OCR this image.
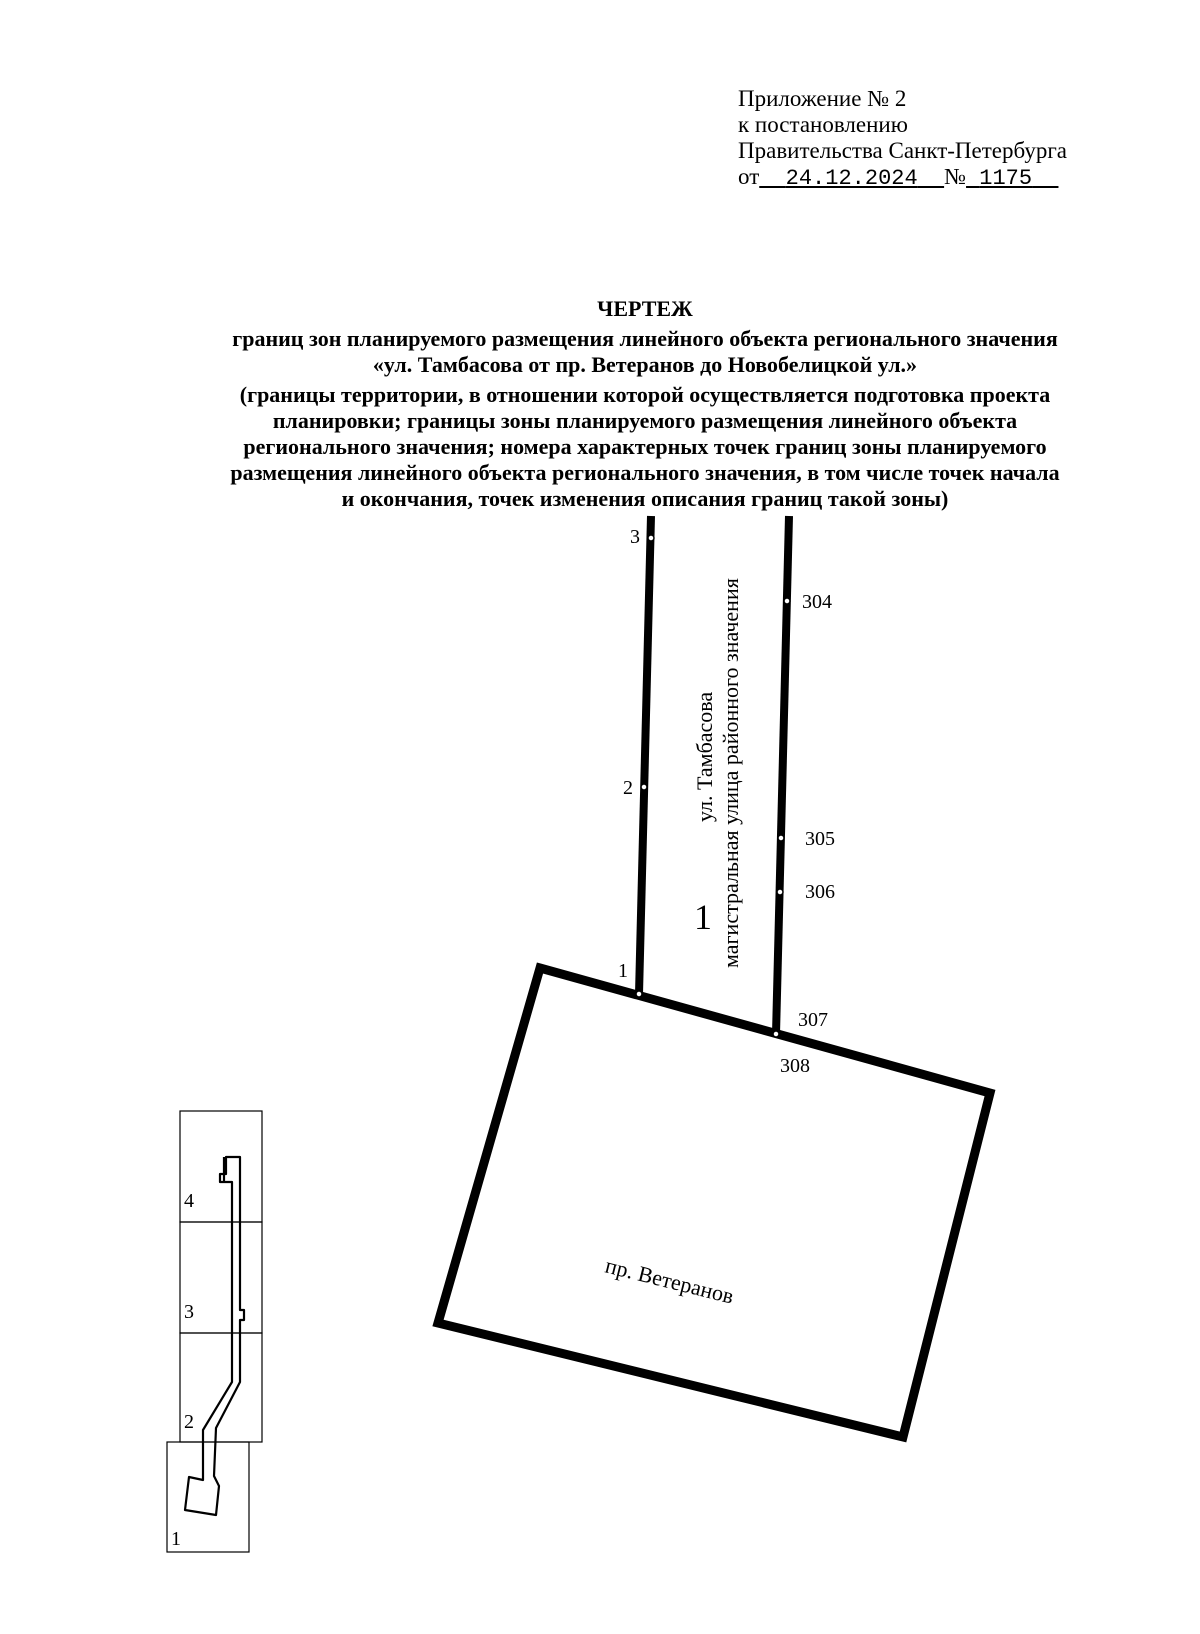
Приложение № 2
к постановлению
Правительства Санкт-Петербурга
от 24.12.2024 № 1175
ЧЕРТЕЖ
границ зон планируемого размещения линейного объекта регионального значения
«ул. Тамбасова от пр. Ветеранов до Новобелицкой ул.»
(границы территории, в отношении которой осуществляется подготовка проекта
планировки; границы зоны планируемого размещения линейного объекта
регионального значения; номера характерных точек границ зоны планируемого
размещения линейного объекта регионального значения, в том числе точек начала
и окончания, точек изменения описания границ такой зоны)
3
2
1
304
305
306
307
308
ул. Тамбасова магистральная улица районного значения
1
пр. Ветеранов
4
3
2
1
